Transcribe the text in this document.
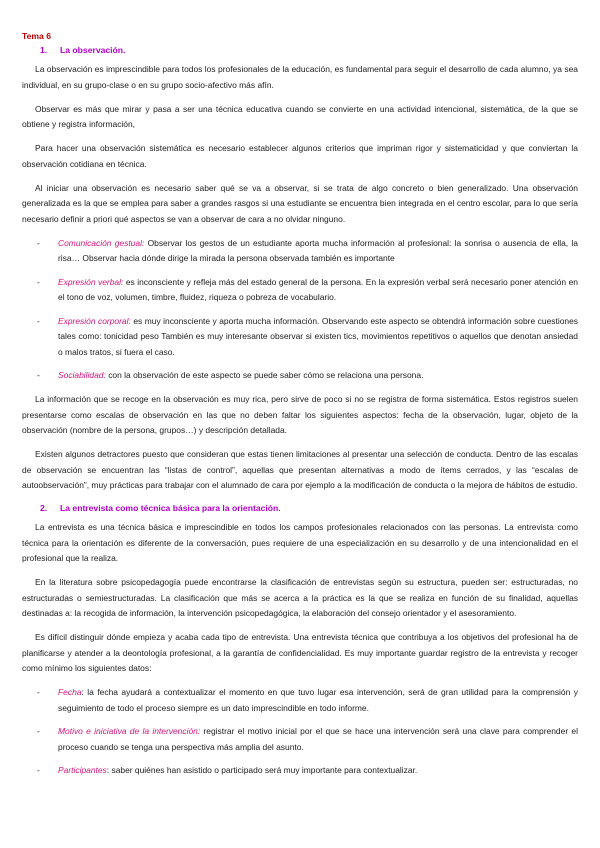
Tema 6
1. La observación.

La observación es imprescindible para todos los profesionales de la educación, es fundamental para seguir el desarrollo de cada alumno, ya sea individual, en su grupo-clase o en su grupo socio-afectivo más afín.

Observar es más que mirar y pasa a ser una técnica educativa cuando se convierte en una actividad intencional, sistemática, de la que se obtiene y registra información,

Para hacer una observación sistemática es necesario establecer algunos criterios que impriman rigor y sistematicidad y que conviertan la observación cotidiana en técnica.

Al iniciar una observación es necesario saber qué se va a observar, si se trata de algo concreto o bien generalizado. Una observación generalizada es la que se emplea para saber a grandes rasgos si una estudiante se encuentra bien integrada en el centro escolar, para lo que sería necesario definir a priori qué aspectos se van a observar de cara a no olvidar ninguno.

- Comunicación gestual: Observar los gestos de un estudiante aporta mucha información al profesional: la sonrisa o ausencia de ella, la risa… Observar hacia dónde dirige la mirada la persona observada también es importante
- Expresión verbal: es inconsciente y refleja más del estado general de la persona. En la expresión verbal será necesario poner atención en el tono de voz, volumen, timbre, fluidez, riqueza o pobreza de vocabulario.
- Expresión corporal: es muy inconsciente y aporta mucha información. Observando este aspecto se obtendrá información sobre cuestiones tales como: tonicidad peso También es muy interesante observar si existen tics, movimientos repetitivos o aquellos que denotan ansiedad o malos tratos, si fuera el caso.
- Sociabilidad: con la observación de este aspecto se puede saber cómo se relaciona una persona.

La información que se recoge en la observación es muy rica, pero sirve de poco si no se registra de forma sistemática. Estos registros suelen presentarse como escalas de observación en las que no deben faltar los siguientes aspectos: fecha de la observación, lugar, objeto de la observación (nombre de la persona, grupos…) y descripción detallada.

Existen algunos detractores puesto que consideran que estas tienen limitaciones al presentar una selección de conducta. Dentro de las escalas de observación se encuentran las “listas de control”, aquellas que presentan alternativas a modo de ítems cerrados, y las “escalas de autoobservación”, muy prácticas para trabajar con el alumnado de cara por ejemplo a la modificación de conducta o la mejora de hábitos de estudio.

2. La entrevista como técnica básica para la orientación.

La entrevista es una técnica básica e imprescindible en todos los campos profesionales relacionados con las personas. La entrevista como técnica para la orientación es diferente de la conversación, pues requiere de una especialización en su desarrollo y de una intencionalidad en el profesional que la realiza.

En la literatura sobre psicopedagogía puede encontrarse la clasificación de entrevistas según su estructura, pueden ser: estructuradas, no estructuradas o semiestructuradas. La clasificación que más se acerca a la práctica es la que se realiza en función de su finalidad, aquellas destinadas a: la recogida de información, la intervención psicopedagógica, la elaboración del consejo orientador y el asesoramiento.

Es difícil distinguir dónde empieza y acaba cada tipo de entrevista. Una entrevista técnica que contribuya a los objetivos del profesional ha de planificarse y atender a la deontología profesional, a la garantía de confidencialidad. Es muy importante guardar registro de la entrevista y recoger como mínimo los siguientes datos:

- Fecha: la fecha ayudará a contextualizar el momento en que tuvo lugar esa intervención, será de gran utilidad para la comprensión y seguimiento de todo el proceso siempre es un dato imprescindible en todo informe.
- Motivo e iniciativa de la intervención: registrar el motivo inicial por el que se hace una intervención será una clave para comprender el proceso cuando se tenga una perspectiva más amplia del asunto.
- Participantes: saber quiénes han asistido o participado será muy importante para contextualizar.
